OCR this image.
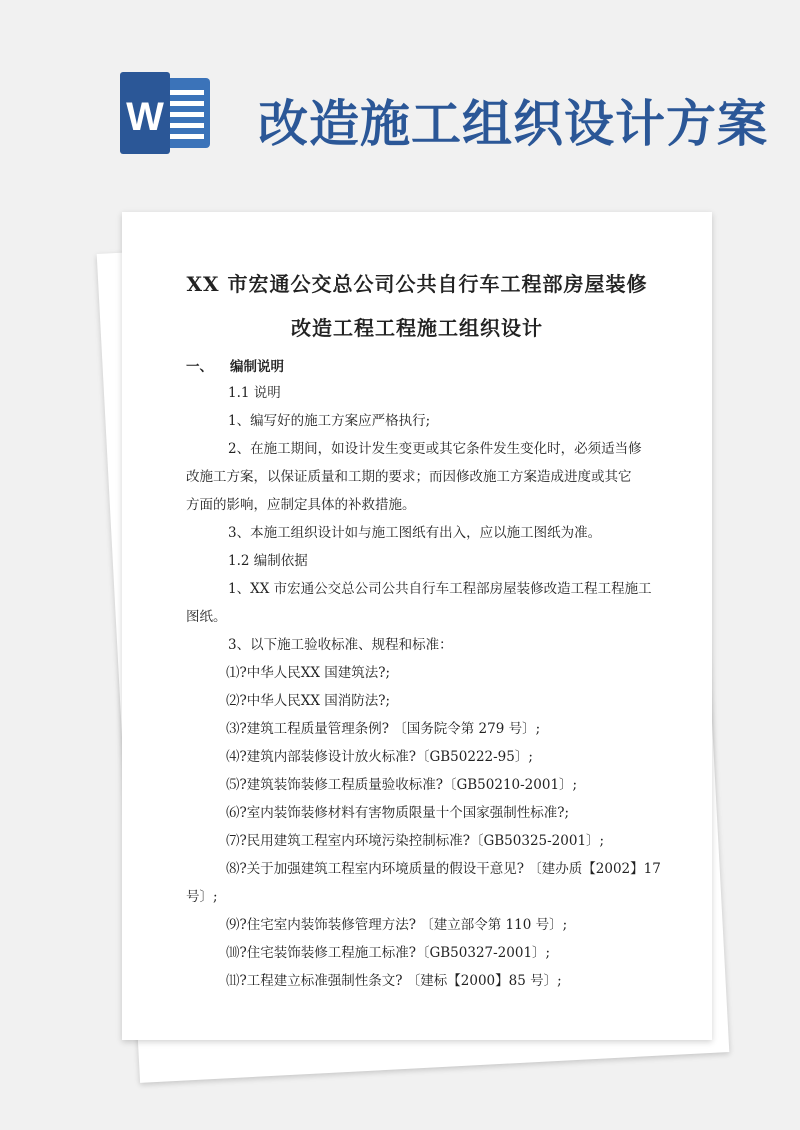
W 改造施工组织设计方案
XX 市宏通公交总公司公共自行车工程部房屋装修
改造工程工程施工组织设计
一、 编制说明
1.1 说明
1、编写好的施工方案应严格执行;
2、在施工期间，如设计发生变更或其它条件发生变化时，必须适当修
改施工方案，以保证质量和工期的要求；而因修改施工方案造成进度或其它
方面的影响，应制定具体的补救措施。
3、本施工组织设计如与施工图纸有出入，应以施工图纸为准。
1.2 编制依据
1、XX 市宏通公交总公司公共自行车工程部房屋装修改造工程工程施工
图纸。
3、以下施工验收标准、规程和标准：
⑴?中华人民XX 国建筑法?;
⑵?中华人民XX 国消防法?;
⑶?建筑工程质量管理条例? 〔国务院令第 279 号〕;
⑷?建筑内部装修设计放火标准?〔GB50222-95〕;
⑸?建筑装饰装修工程质量验收标准?〔GB50210-2001〕;
⑹?室内装饰装修材料有害物质限量十个国家强制性标准?;
⑺?民用建筑工程室内环境污染控制标准?〔GB50325-2001〕;
⑻?关于加强建筑工程室内环境质量的假设干意见? 〔建办质【2002】17
号〕;
⑼?住宅室内装饰装修管理方法? 〔建立部令第 110 号〕;
⑽?住宅装饰装修工程施工标准?〔GB50327-2001〕;
⑾?工程建立标准强制性条文? 〔建标【2000】85 号〕;
